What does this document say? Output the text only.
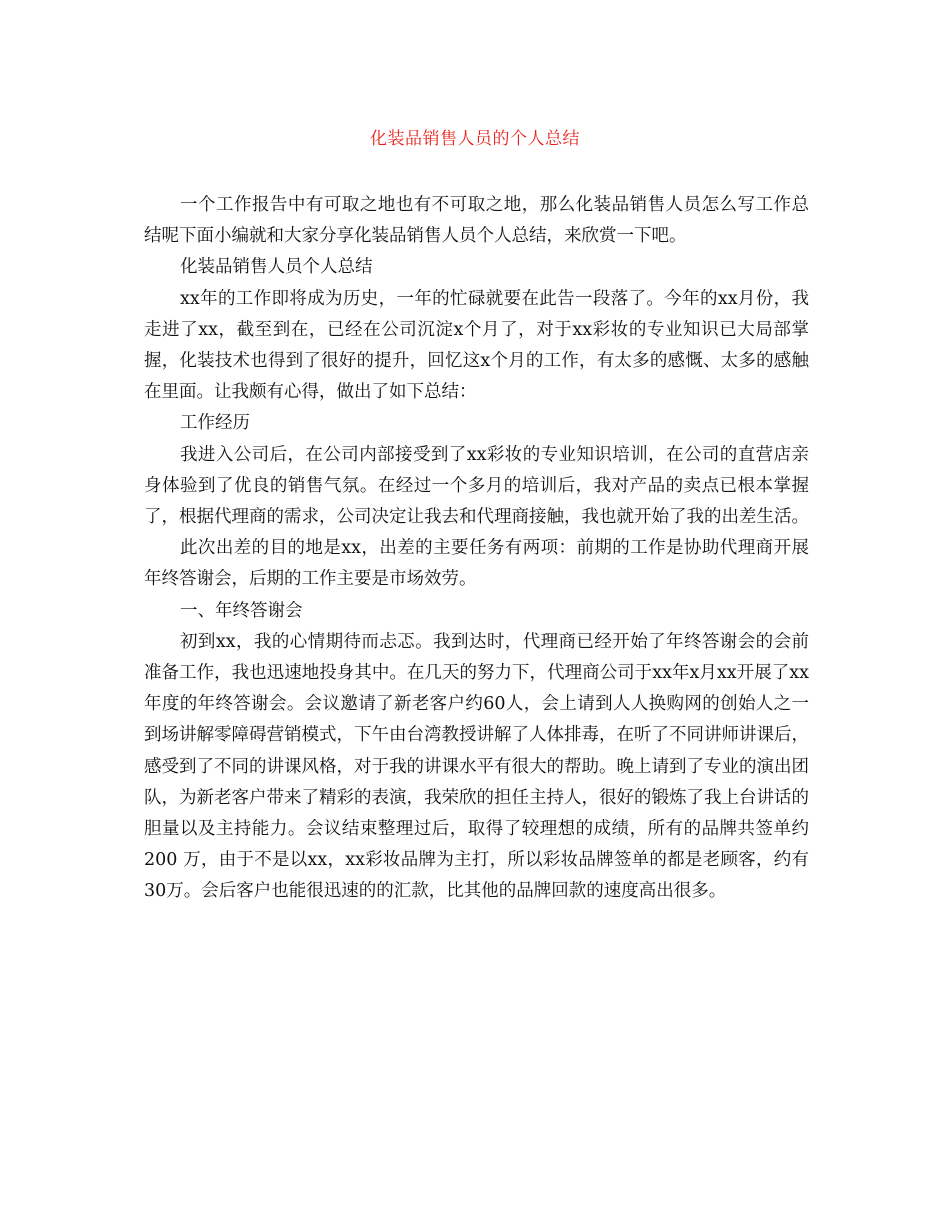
化装品销售人员的个人总结

一个工作报告中有可取之地也有不可取之地，那么化装品销售人员怎么写工作总结呢下面小编就和大家分享化装品销售人员个人总结，来欣赏一下吧。

化装品销售人员个人总结

xx年的工作即将成为历史，一年的忙碌就要在此告一段落了。今年的xx月份，我走进了xx，截至到在，已经在公司沉淀x个月了，对于xx彩妆的专业知识已大局部掌握，化装技术也得到了很好的提升，回忆这x个月的工作，有太多的感慨、太多的感触在里面。让我颇有心得，做出了如下总结：

工作经历

我进入公司后，在公司内部接受到了xx彩妆的专业知识培训，在公司的直营店亲身体验到了优良的销售气氛。在经过一个多月的培训后，我对产品的卖点已根本掌握了，根据代理商的需求，公司决定让我去和代理商接触，我也就开始了我的出差生活。

此次出差的目的地是xx，出差的主要任务有两项：前期的工作是协助代理商开展年终答谢会，后期的工作主要是市场效劳。

一、年终答谢会

初到xx，我的心情期待而忐忑。我到达时，代理商已经开始了年终答谢会的会前准备工作，我也迅速地投身其中。在几天的努力下，代理商公司于xx年x月xx开展了xx年度的年终答谢会。会议邀请了新老客户约60人，会上请到人人换购网的创始人之一到场讲解零障碍营销模式，下午由台湾教授讲解了人体排毒，在听了不同讲师讲课后，感受到了不同的讲课风格，对于我的讲课水平有很大的帮助。晚上请到了专业的演出团队，为新老客户带来了精彩的表演，我荣欣的担任主持人，很好的锻炼了我上台讲话的胆量以及主持能力。会议结束整理过后，取得了较理想的成绩，所有的品牌共签单约200 万，由于不是以xx，xx彩妆品牌为主打，所以彩妆品牌签单的都是老顾客，约有30万。会后客户也能很迅速的的汇款，比其他的品牌回款的速度高出很多。
